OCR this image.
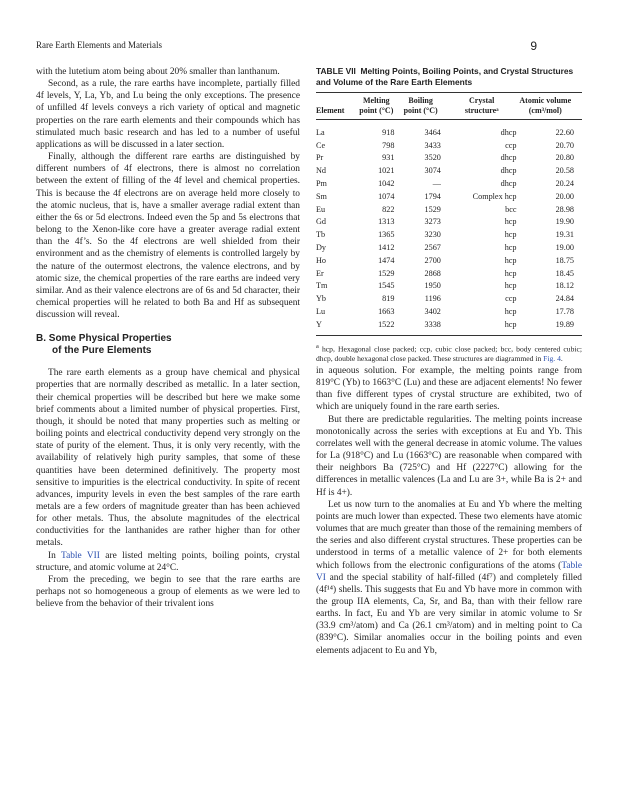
Rare Earth Elements and Materials	9

with the lutetium atom being about 20% smaller than lanthanum.

Second, as a rule, the rare earths have incomplete, partially filled 4f levels, Y, La, Yb, and Lu being the only exceptions. The presence of unfilled 4f levels conveys a rich variety of optical and magnetic properties on the rare earth elements and their compounds which has stimulated much basic research and has led to a number of useful applications as will be discussed in a later section.

Finally, although the different rare earths are distinguished by different numbers of 4f electrons, there is almost no correlation between the extent of filling of the 4f level and chemical properties. This is because the 4f electrons are on average held more closely to the atomic nucleus, that is, have a smaller average radial extent than either the 6s or 5d electrons. Indeed even the 5p and 5s electrons that belong to the Xenon-like core have a greater average radial extent than the 4f’s. So the 4f electrons are well shielded from their environment and as the chemistry of elements is controlled largely by the nature of the outermost electrons, the valence electrons, and by atomic size, the chemical properties of the rare earths are indeed very similar. And as their valence electrons are of 6s and 5d character, their chemical properties will he related to both Ba and Hf as subsequent discussion will reveal.

B. Some Physical Properties
of the Pure Elements

The rare earth elements as a group have chemical and physical properties that are normally described as metallic. In a later section, their chemical properties will be described but here we make some brief comments about a limited number of physical properties. First, though, it should be noted that many properties such as melting or boiling points and electrical conductivity depend very strongly on the state of purity of the element. Thus, it is only very recently, with the availability of relatively high purity samples, that some of these quantities have been determined definitively. The property most sensitive to impurities is the electrical conductivity. In spite of recent advances, impurity levels in even the best samples of the rare earth metals are a few orders of magnitude greater than has been achieved for other metals. Thus, the absolute magnitudes of the electrical conductivities for the lanthanides are rather higher than for other metals.

In Table VII are listed melting points, boiling points, crystal structure, and atomic volume at 24°C.

From the preceding, we begin to see that the rare earths are perhaps not so homogeneous a group of elements as we were led to believe from the behavior of their trivalent ions

TABLE VII Melting Points, Boiling Points, and Crystal Structures and Volume of the Rare Earth Elements
Element	Melting
point (°C)	Boiling
point (°C)	Crystal
structureᵃ	Atomic volume
(cm³/mol)
La	918	3464	dhcp	22.60
Ce	798	3433	ccp	20.70
Pr	931	3520	dhcp	20.80
Nd	1021	3074	dhcp	20.58
Pm	1042	—	dhcp	20.24
Sm	1074	1794	Complex hcp	20.00
Eu	822	1529	bcc	28.98
Gd	1313	3273	hcp	19.90
Tb	1365	3230	hcp	19.31
Dy	1412	2567	hcp	19.00
Ho	1474	2700	hcp	18.75
Er	1529	2868	hcp	18.45
Tm	1545	1950	hcp	18.12
Yb	819	1196	ccp	24.84
Lu	1663	3402	hcp	17.78
Y	1522	3338	hcp	19.89
$^a$ hcp, Hexagonal close packed; ccp, cubic close packed; bcc, body centered cubic; dhcp, double hexagonal close packed. These structures are diagrammed in Fig. 4.

in aqueous solution. For example, the melting points range from 819°C (Yb) to 1663°C (Lu) and these are adjacent elements! No fewer than five different types of crystal structure are exhibited, two of which are uniquely found in the rare earth series.

But there are predictable regularities. The melting points increase monotonically across the series with exceptions at Eu and Yb. This correlates well with the general decrease in atomic volume. The values for La (918°C) and Lu (1663°C) are reasonable when compared with their neighbors Ba (725°C) and Hf (2227°C) allowing for the differences in metallic valences (La and Lu are 3+, while Ba is 2+ and Hf is 4+).

Let us now turn to the anomalies at Eu and Yb where the melting points are much lower than expected. These two elements have atomic volumes that are much greater than those of the remaining members of the series and also different crystal structures. These properties can be understood in terms of a metallic valence of 2+ for both elements which follows from the electronic configurations of the atoms (Table VI and the special stability of half-filled (4f⁷) and completely filled (4f¹⁴) shells. This suggests that Eu and Yb have more in common with the group IIA elements, Ca, Sr, and Ba, than with their fellow rare earths. In fact, Eu and Yb are very similar in atomic volume to Sr (33.9 cm³/atom) and Ca (26.1 cm³/atom) and in melting point to Ca (839°C). Similar anomalies occur in the boiling points and even elements adjacent to Eu and Yb,
